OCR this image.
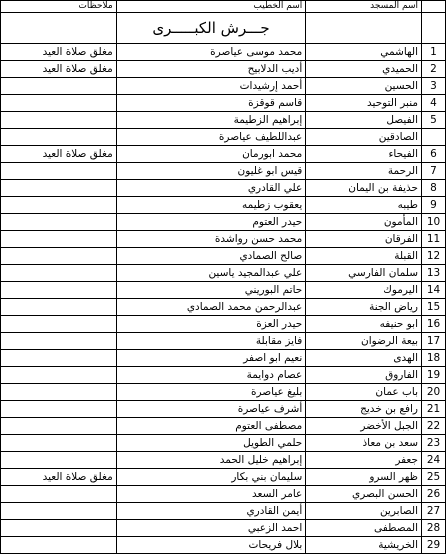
ملاحظات	اسم الخطيب	اسم المسجد	
	جـــرش الكبـــــرى		
مغلق صلاة العيد	محمد موسى عياصرة	الهاشمي	1
مغلق صلاة العيد	أديب الدلابيح	الحميدي	2
	أحمد إرشيدات	الحسين	3
	قاسم قوقزة	منبر التوحيد	4
	إبراهيم الزطيمة	الفيصل	5
	عبداللطيف عياصرة	الصادقين	
مغلق صلاة العيد	محمد ابورمان	الفيحاء	6
	قيس ابو غليون	الرحمة	7
	علي القادري	حذيفة بن اليمان	8
	يعقوب زطيمه	طيبه	9
	حيدر العتوم	المأمون	10
	محمد حسن رواشدة	الفرقان	11
	صالح الصمادي	القبلة	12
	علي عبدالمجيد ياسين	سلمان الفارسي	13
	حاتم البوريني	اليرموك	14
	عبدالرحمن محمد الصمادي	رياض الجنة	15
	حيدر العزة	ابو حنيفه	16
	فايز مقابلة	بيعة الرضوان	17
	نعيم ابو اصفر	الهدى	18
	عصام دوايمة	الفاروق	19
	بليغ عياصرة	باب عمان	20
	أشرف عياصرة	رافع بن خديج	21
	مصطفى العتوم	الجبل الأخضر	22
	حلمي الطويل	سعد بن معاذ	23
	إبراهيم خليل الحمد	جعفر	24
مغلق صلاة العيد	سليمان بني بكار	ظهر السرو	25
	عامر السعد	الحسن البصري	26
	أيمن القادري	الصابرين	27
	احمد الزعبي	المصطفى	28
	بلال فريحات	الخريشية	29
